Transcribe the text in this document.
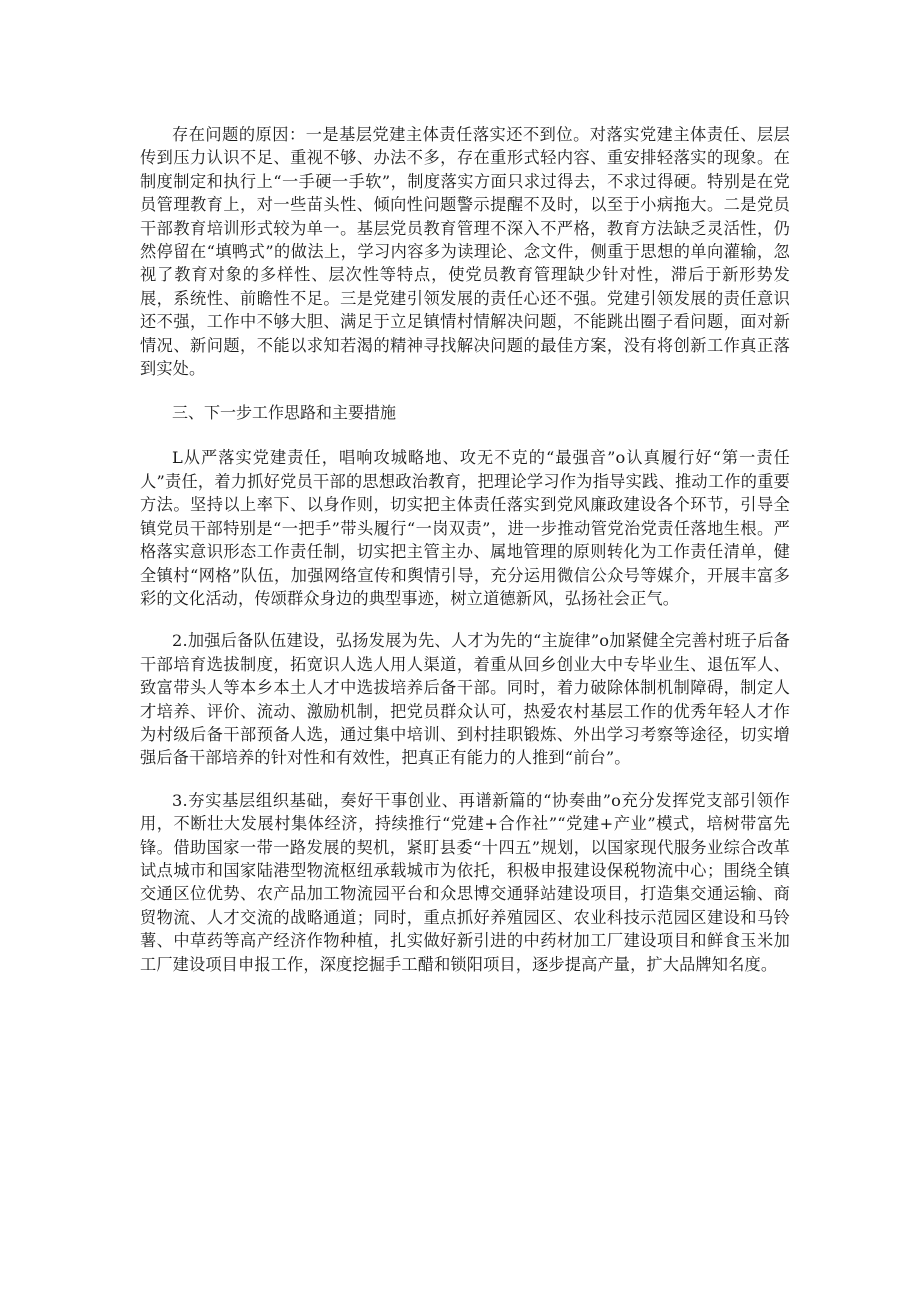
存在问题的原因：一是基层党建主体责任落实还不到位。对落实党建主体责任、层层传到压力认识不足、重视不够、办法不多，存在重形式轻内容、重安排轻落实的现象。在制度制定和执行上“一手硬一手软”，制度落实方面只求过得去，不求过得硬。特别是在党员管理教育上，对一些苗头性、倾向性问题警示提醒不及时，以至于小病拖大。二是党员干部教育培训形式较为单一。基层党员教育管理不深入不严格，教育方法缺乏灵活性，仍然停留在“填鸭式”的做法上，学习内容多为读理论、念文件，侧重于思想的单向灌输，忽视了教育对象的多样性、层次性等特点，使党员教育管理缺少针对性，滞后于新形势发展，系统性、前瞻性不足。三是党建引领发展的责任心还不强。党建引领发展的责任意识还不强，工作中不够大胆、满足于立足镇情村情解决问题，不能跳出圈子看问题，面对新情况、新问题，不能以求知若渴的精神寻找解决问题的最佳方案，没有将创新工作真正落到实处。

三、下一步工作思路和主要措施

L从严落实党建责任，唱响攻城略地、攻无不克的“最强音”o认真履行好“第一责任人”责任，着力抓好党员干部的思想政治教育，把理论学习作为指导实践、推动工作的重要方法。坚持以上率下、以身作则，切实把主体责任落实到党风廉政建设各个环节，引导全镇党员干部特别是“一把手”带头履行“一岗双责”，进一步推动管党治党责任落地生根。严格落实意识形态工作责任制，切实把主管主办、属地管理的原则转化为工作责任清单，健全镇村“网格”队伍，加强网络宣传和舆情引导，充分运用微信公众号等媒介，开展丰富多彩的文化活动，传颂群众身边的典型事迹，树立道德新风，弘扬社会正气。

2.加强后备队伍建设，弘扬发展为先、人才为先的“主旋律”o加紧健全完善村班子后备干部培育选拔制度，拓宽识人选人用人渠道，着重从回乡创业大中专毕业生、退伍军人、致富带头人等本乡本土人才中选拔培养后备干部。同时，着力破除体制机制障碍，制定人才培养、评价、流动、激励机制，把党员群众认可，热爱农村基层工作的优秀年轻人才作为村级后备干部预备人选，通过集中培训、到村挂职锻炼、外出学习考察等途径，切实增强后备干部培养的针对性和有效性，把真正有能力的人推到“前台”。

3.夯实基层组织基础，奏好干事创业、再谱新篇的“协奏曲”o充分发挥党支部引领作用，不断壮大发展村集体经济，持续推行“党建+合作社”“党建+产业”模式，培树带富先锋。借助国家一带一路发展的契机，紧盯县委“十四五”规划，以国家现代服务业综合改革试点城市和国家陆港型物流枢纽承载城市为依托，积极申报建设保税物流中心；围绕全镇交通区位优势、农产品加工物流园平台和众思博交通驿站建设项目，打造集交通运输、商贸物流、人才交流的战略通道；同时，重点抓好养殖园区、农业科技示范园区建设和马铃薯、中草药等高产经济作物种植，扎实做好新引进的中药材加工厂建设项目和鲜食玉米加工厂建设项目申报工作，深度挖掘手工醋和锁阳项目，逐步提高产量，扩大品牌知名度。
